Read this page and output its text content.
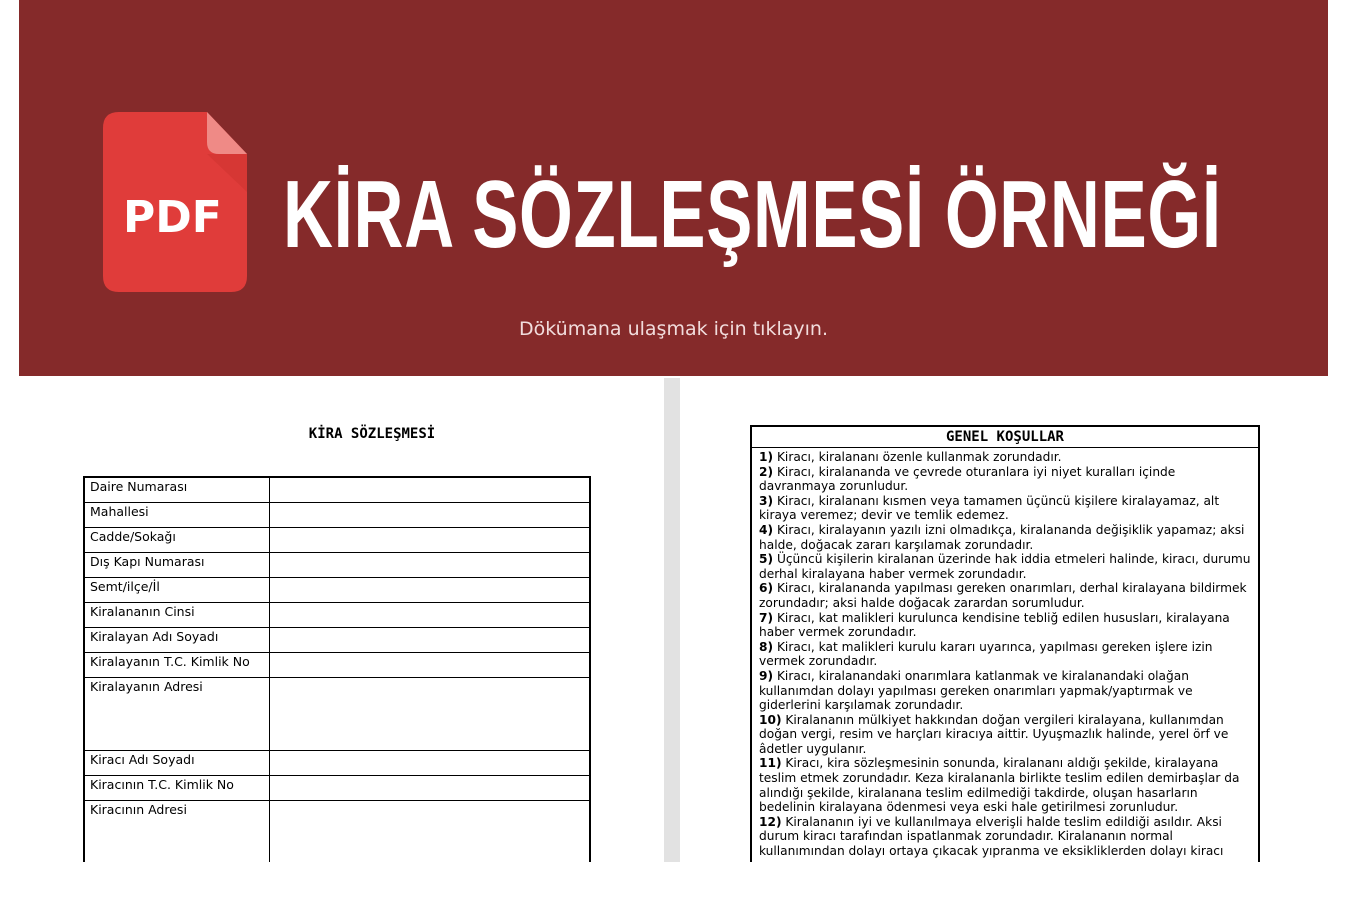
PDF KİRA SÖZLEŞMESİ ÖRNEĞİ
Dökümana ulaşmak için tıklayın.
KİRA SÖZLEŞMESİ
Daire Numarası	
Mahallesi	
Cadde/Sokağı	
Dış Kapı Numarası	
Semt/ilçe/İl	
Kiralananın Cinsi	
Kiralayan Adı Soyadı	
Kiralayanın T.C. Kimlik No	
Kiralayanın Adresi	
Kiracı Adı Soyadı	
Kiracının T.C. Kimlik No	
Kiracının Adresi	
GENEL KOŞULLAR
1) Kiracı, kiralananı özenle kullanmak zorundadır.
2) Kiracı, kiralananda ve çevrede oturanlara iyi niyet kuralları içinde davranmaya zorunludur.
3) Kiracı, kiralananı kısmen veya tamamen üçüncü kişilere kiralayamaz, alt kiraya veremez; devir ve temlik edemez.
4) Kiracı, kiralayanın yazılı izni olmadıkça, kiralananda değişiklik yapamaz; aksi halde, doğacak zararı karşılamak zorundadır.
5) Üçüncü kişilerin kiralanan üzerinde hak iddia etmeleri halinde, kiracı, durumu derhal kiralayana haber vermek zorundadır.
6) Kiracı, kiralananda yapılması gereken onarımları, derhal kiralayana bildirmek zorundadır; aksi halde doğacak zarardan sorumludur.
7) Kiracı, kat malikleri kurulunca kendisine tebliğ edilen hususları, kiralayana haber vermek zorundadır.
8) Kiracı, kat malikleri kurulu kararı uyarınca, yapılması gereken işlere izin vermek zorundadır.
9) Kiracı, kiralanandaki onarımlara katlanmak ve kiralanandaki olağan kullanımdan dolayı yapılması gereken onarımları yapmak/yaptırmak ve giderlerini karşılamak zorundadır.
10) Kiralananın mülkiyet hakkından doğan vergileri kiralayana, kullanımdan doğan vergi, resim ve harçları kiracıya aittir. Uyuşmazlık halinde, yerel örf ve âdetler uygulanır.
11) Kiracı, kira sözleşmesinin sonunda, kiralananı aldığı şekilde, kiralayana teslim etmek zorundadır. Keza kiralananla birlikte teslim edilen demirbaşlar da alındığı şekilde, kiralanana teslim edilmediği takdirde, oluşan hasarların bedelinin kiralayana ödenmesi veya eski hale getirilmesi zorunludur.
12) Kiralananın iyi ve kullanılmaya elverişli halde teslim edildiği asıldır. Aksi durum kiracı tarafından ispatlanmak zorundadır. Kiralananın normal kullanımından dolayı ortaya çıkacak yıpranma ve eksikliklerden dolayı kiracı
